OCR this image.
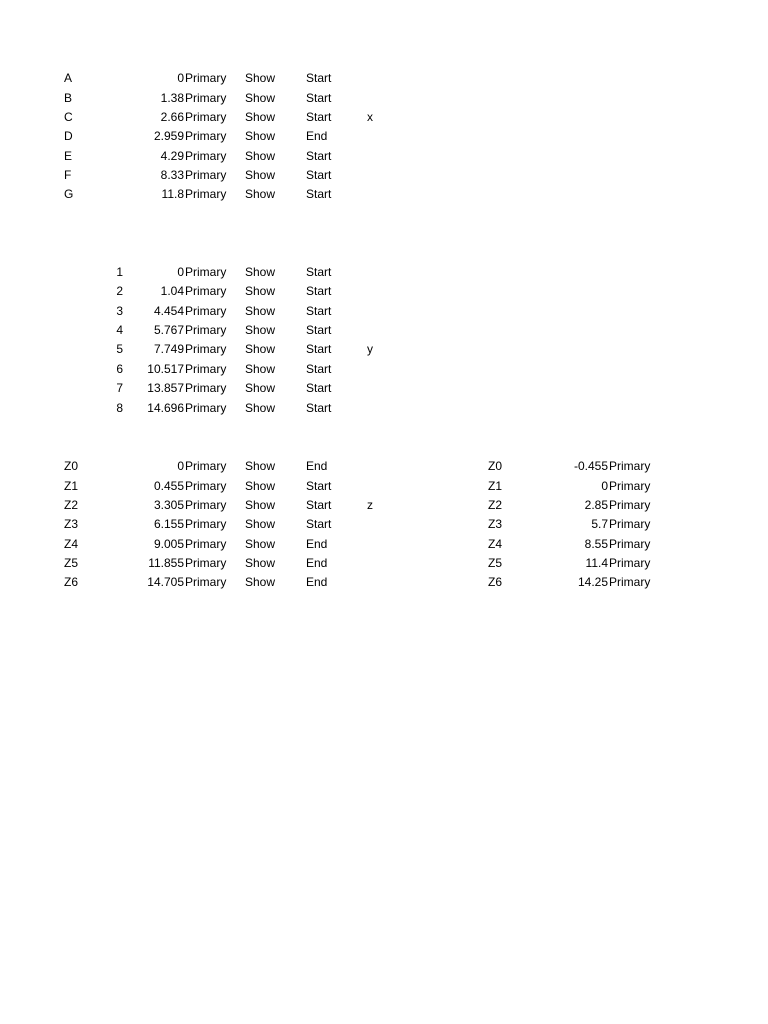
A	0 Primary Show	Start
B	1.38 Primary Show	Start
C	2.66 Primary Show	Start	x
D	2.959 Primary Show	End
E	4.29 Primary Show	Start
F	8.33 Primary Show	Start
G	11.8 Primary Show	Start
1	0 Primary Show	Start
2	1.04 Primary Show	Start
3	4.454 Primary Show	Start
4	5.767 Primary Show	Start
5	7.749 Primary Show	Start	y
6	10.517 Primary Show	Start
7	13.857 Primary Show	Start
8	14.696 Primary Show	Start
Z0	0 Primary Show	End	Z0	-0.455 Primary
Z1	0.455 Primary Show	Start	Z1	0 Primary
Z2	3.305 Primary Show	Start	z	Z2	2.85 Primary
Z3	6.155 Primary Show	Start	Z3	5.7 Primary
Z4	9.005 Primary Show	End	Z4	8.55 Primary
Z5	11.855 Primary Show	End	Z5	11.4 Primary
Z6	14.705 Primary Show	End	Z6	14.25 Primary
